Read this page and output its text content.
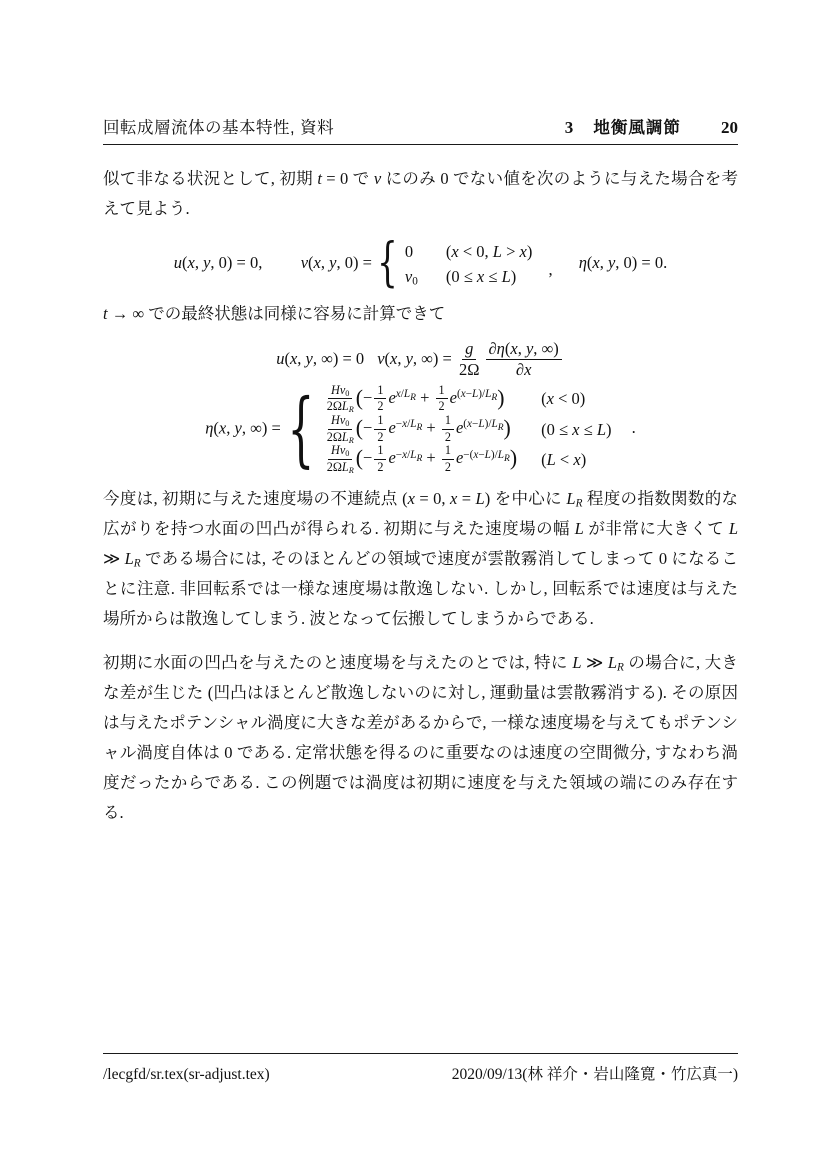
回転成層流体の基本特性, 資料	3 地衡風調節 20

似て非なる状況として, 初期 t = 0 で v にのみ 0 でない値を次のように与えた場合を考えて見よう.

u(x, y, 0) = 0, v(x, y, 0) = { 0 (x < 0, L > x)
$v_0$ (0 ≤ x ≤ L) , η(x, y, 0) = 0.

t → ∞ での最終状態は同様に容易に計算できて

u(x, y, ∞) = 0 v(x, y, ∞) = $\frac{g}{2\Omega} \frac{\partial\eta(x, y, \infty)}{\partial x}$
η(x, y, ∞) = { $\frac{Hv_0}{2\Omega L_R}$ (− $\frac{1}{2} e^{x/L_R} + \frac{1}{2} e^{(x-L)/L_R}$) (x < 0)
$\frac{Hv_0}{2\Omega L_R}$ (− $\frac{1}{2} e^{-x/L_R} + \frac{1}{2} e^{(x-L)/L_R}$) (0 ≤ x ≤ L)
$\frac{Hv_0}{2\Omega L_R}$ (− $\frac{1}{2} e^{-x/L_R} + \frac{1}{2} e^{-(x-L)/L_R}$) (L < x)
.

今度は, 初期に与えた速度場の不連続点 (x = 0, x = L) を中心に $L_R$ 程度の指数関数的な広がりを持つ水面の凹凸が得られる. 初期に与えた速度場の幅 L が非常に大きくて L ≫ $L_R$ である場合には, そのほとんどの領域で速度が雲散霧消してしまって 0 になることに注意. 非回転系では一様な速度場は散逸しない. しかし, 回転系では速度は与えた場所からは散逸してしまう. 波となって伝搬してしまうからである.

初期に水面の凹凸を与えたのと速度場を与えたのとでは, 特に L ≫ $L_R$ の場合に, 大きな差が生じた (凹凸はほとんど散逸しないのに対し, 運動量は雲散霧消する). その原因は与えたポテンシャル渦度に大きな差があるからで, 一様な速度場を与えてもポテンシャル渦度自体は 0 である. 定常状態を得るのに重要なのは速度の空間微分, すなわち渦度だったからである. この例題では渦度は初期に速度を与えた領域の端にのみ存在する.

/lecgfd/sr.tex(sr-adjust.tex)	2020/09/13(林 祥介・岩山隆寛・竹広真一)
